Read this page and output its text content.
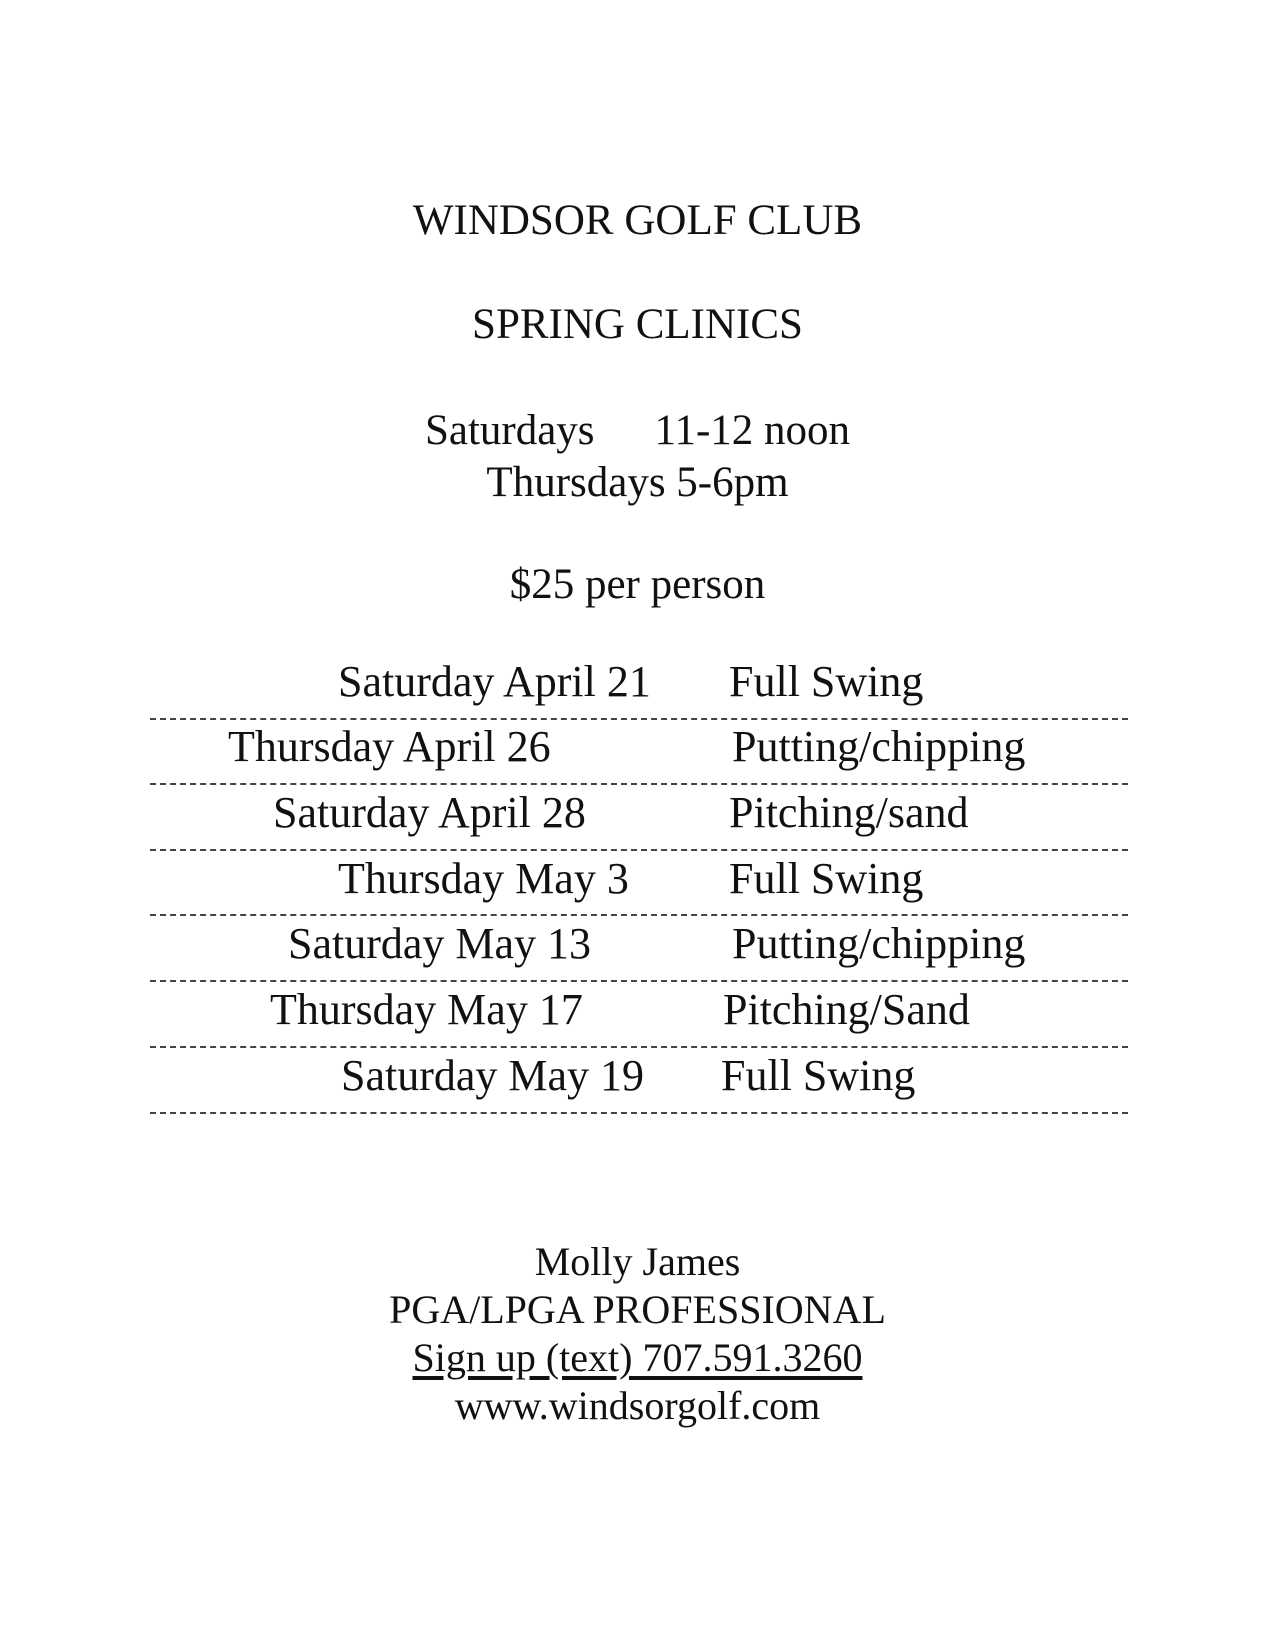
WINDSOR GOLF CLUB
SPRING CLINICS
Saturdays 11-12 noon
Thursdays 5-6pm
$25 per person
Saturday April 21 Full Swing
Thursday April 26	Putting/chipping
Saturday April 28	Pitching/sand
Thursday May 3 Full Swing
Saturday May 13	Putting/chipping
Thursday May 17	Pitching/Sand
Saturday May 19 Full Swing
Molly James
PGA/LPGA PROFESSIONAL
Sign up (text) 707.591.3260
www.windsorgolf.com
